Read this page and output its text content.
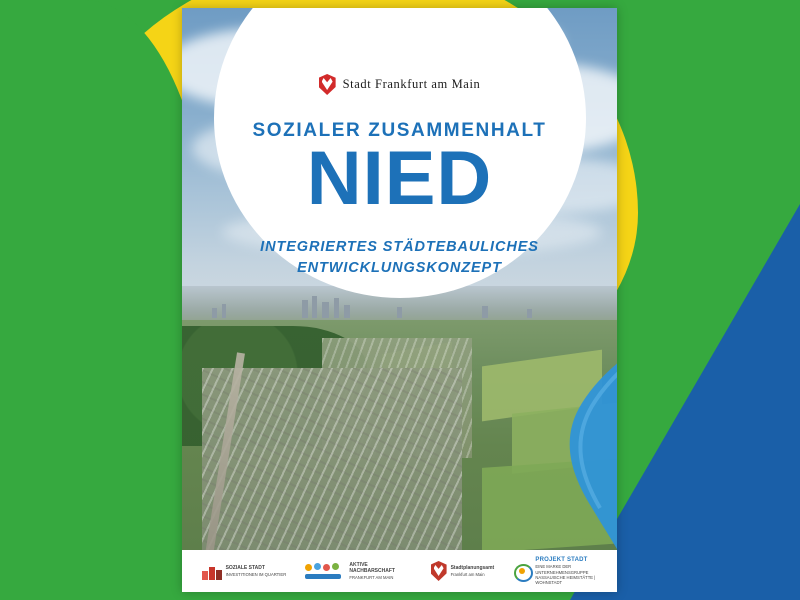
Stadt Frankfurt am Main
SOZIALER ZUSAMMENHALT
NIED
INTEGRIERTES STÄDTEBAULICHES
ENTWICKLUNGSKONZEPT
SOZIALE STADT
INVESTITIONEN IM QUARTIER
AKTIVE NACHBARSCHAFT
FRANKFURT AM MAIN
Stadtplanungsamt
Frankfurt am Main
PROJEKT STADT
EINE MARKE DER UNTERNEHMENSGRUPPE NASSAUISCHE HEIMSTÄTTE | WOHNSTADT
